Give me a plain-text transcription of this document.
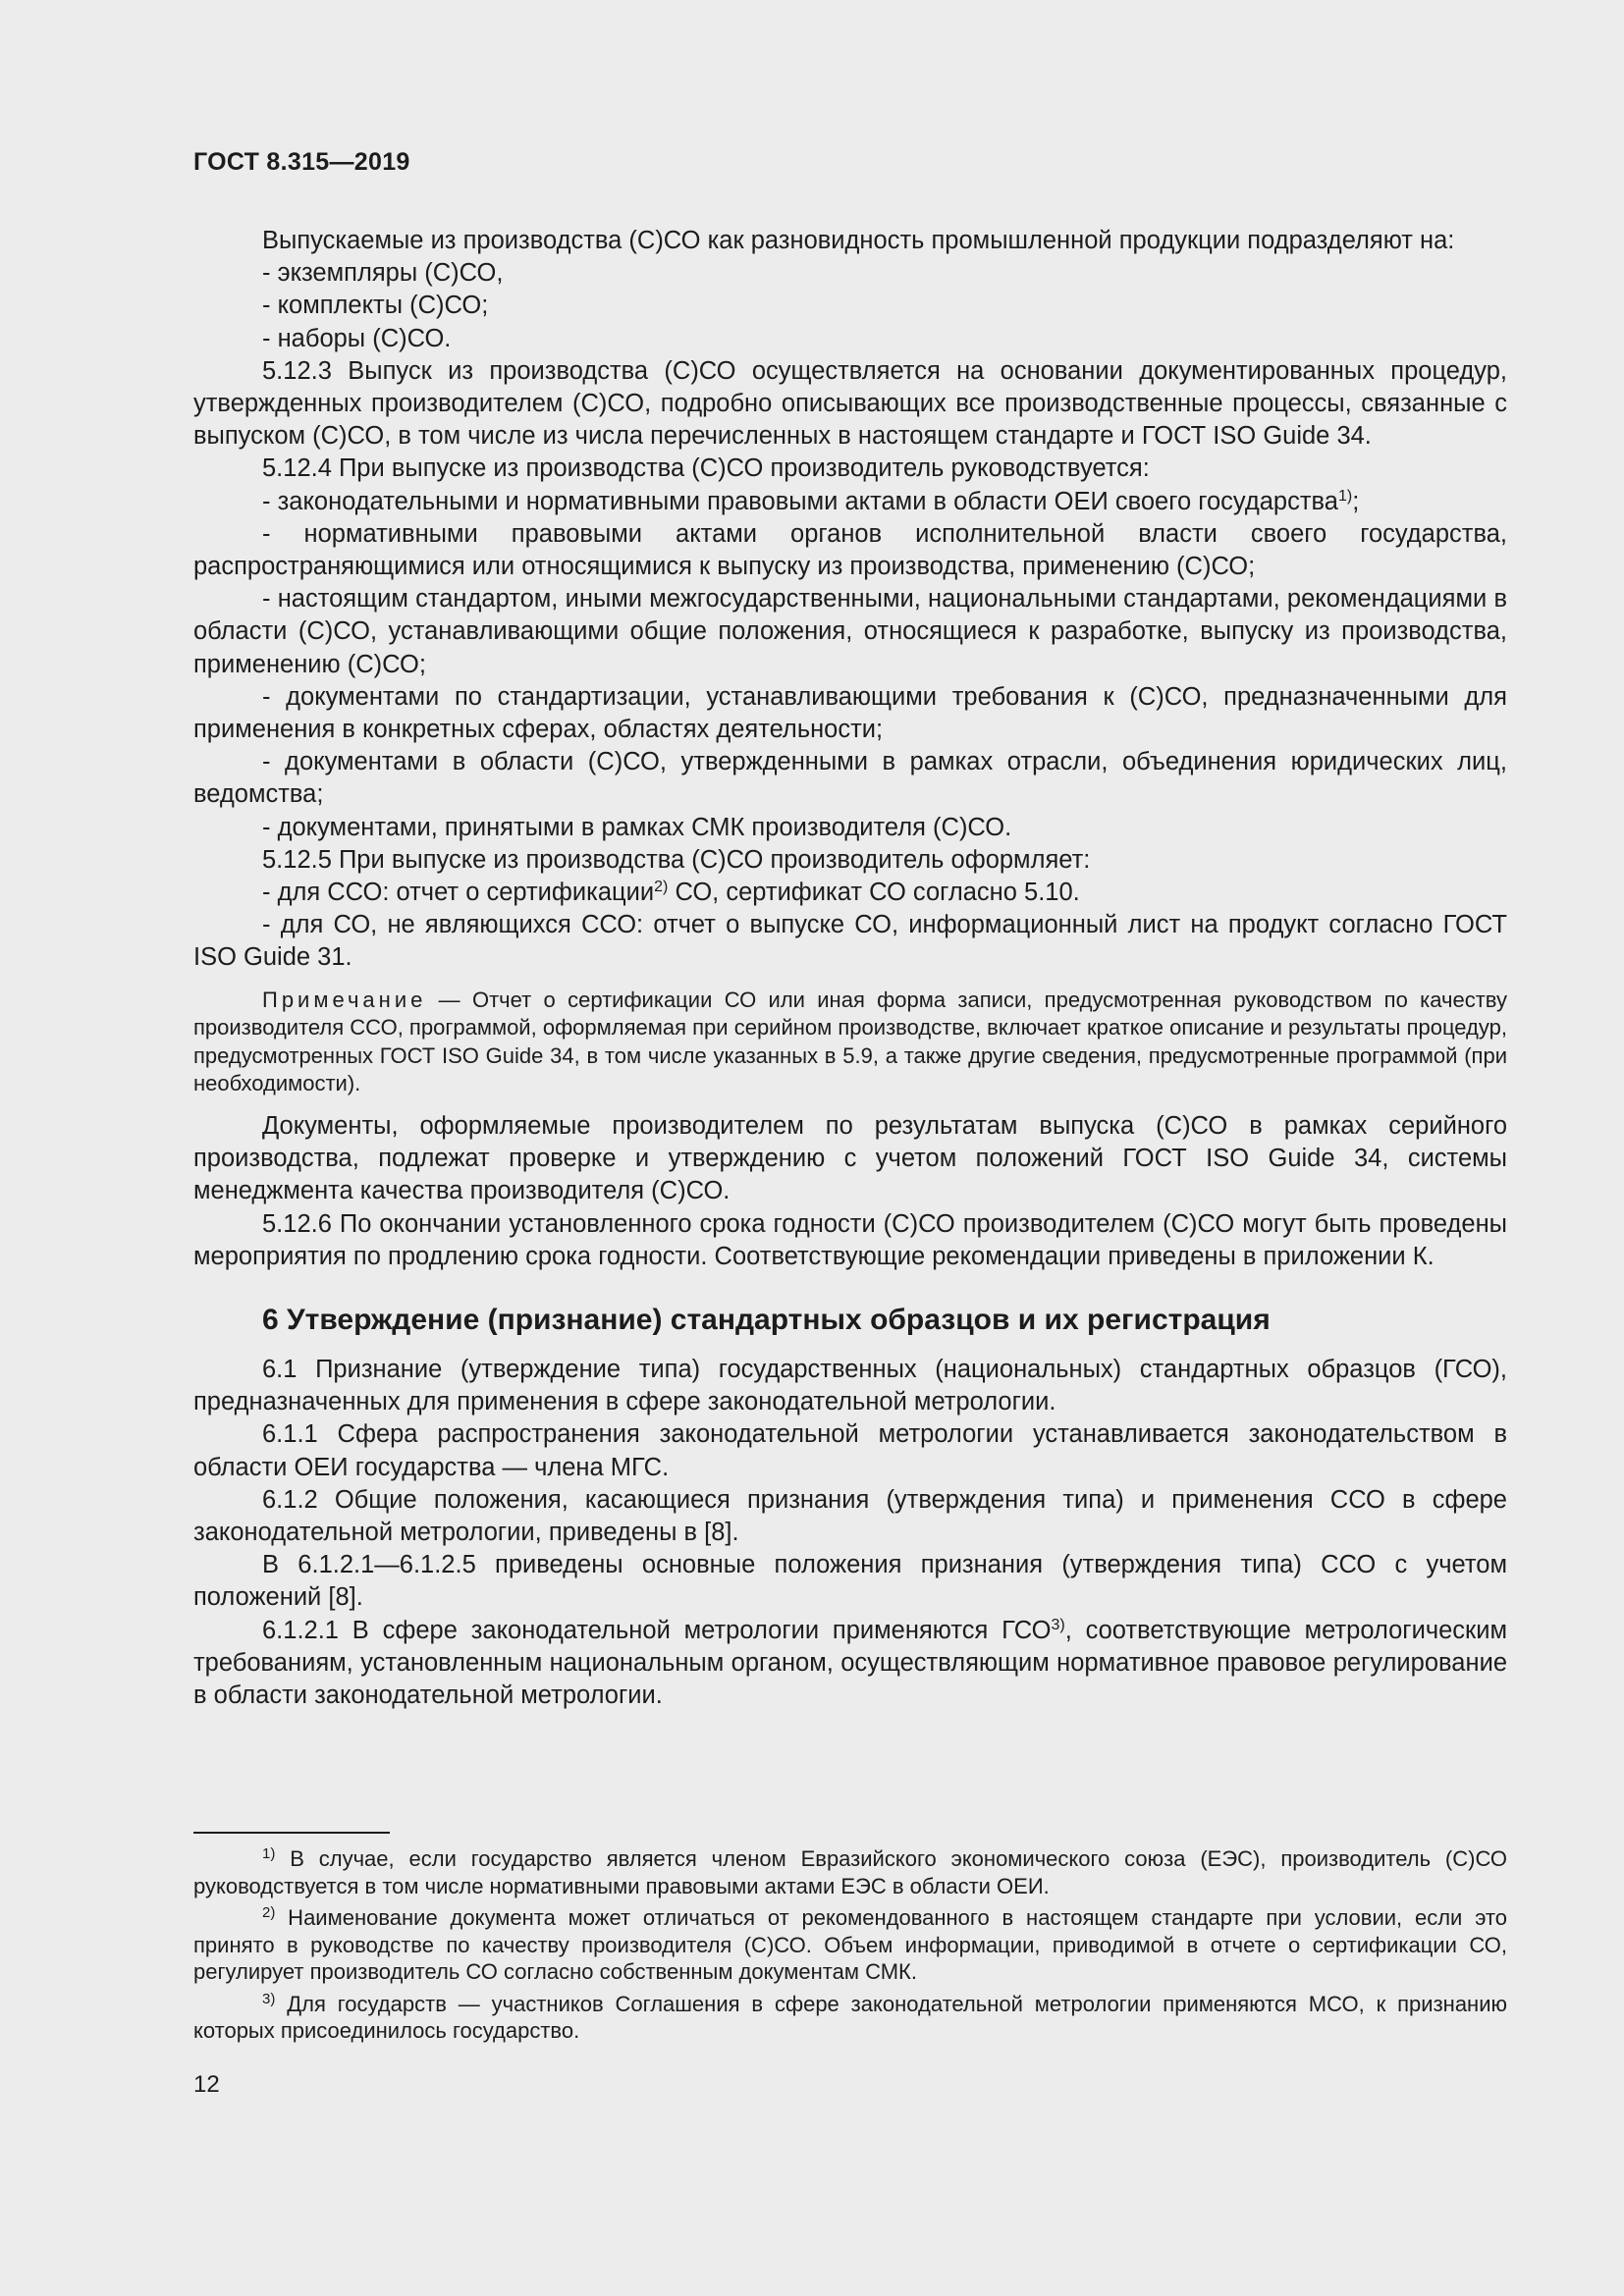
ГОСТ 8.315—2019

Выпускаемые из производства (С)СО как разновидность промышленной продукции подразделяют на:

- экземпляры (С)СО,

- комплекты (С)СО;

- наборы (С)СО.

5.12.3 Выпуск из производства (С)СО осуществляется на основании документированных процедур, утвержденных производителем (С)СО, подробно описывающих все производственные процессы, связанные с выпуском (С)СО, в том числе из числа перечисленных в настоящем стандарте и ГОСТ ISO Guide 34.

5.12.4 При выпуске из производства (С)СО производитель руководствуется:

- законодательными и нормативными правовыми актами в области ОЕИ своего государства$^{1)}$;

- нормативными правовыми актами органов исполнительной власти своего государства, распространяющимися или относящимися к выпуску из производства, применению (С)СО;

- настоящим стандартом, иными межгосударственными, национальными стандартами, рекомендациями в области (С)СО, устанавливающими общие положения, относящиеся к разработке, выпуску из производства, применению (С)СО;

- документами по стандартизации, устанавливающими требования к (С)СО, предназначенными для применения в конкретных сферах, областях деятельности;

- документами в области (С)СО, утвержденными в рамках отрасли, объединения юридических лиц, ведомства;

- документами, принятыми в рамках СМК производителя (С)СО.

5.12.5 При выпуске из производства (С)СО производитель оформляет:

- для ССО: отчет о сертификации$^{2)}$ СО, сертификат СО согласно 5.10.

- для СО, не являющихся ССО: отчет о выпуске СО, информационный лист на продукт согласно ГОСТ ISO Guide 31.

Примечание — Отчет о сертификации СО или иная форма записи, предусмотренная руководством по качеству производителя ССО, программой, оформляемая при серийном производстве, включает краткое описание и результаты процедур, предусмотренных ГОСТ ISO Guide 34, в том числе указанных в 5.9, а также другие сведения, предусмотренные программой (при необходимости).

Документы, оформляемые производителем по результатам выпуска (С)СО в рамках серийного производства, подлежат проверке и утверждению с учетом положений ГОСТ ISO Guide 34, системы менеджмента качества производителя (С)СО.

5.12.6 По окончании установленного срока годности (С)СО производителем (С)СО могут быть проведены мероприятия по продлению срока годности. Соответствующие рекомендации приведены в приложении К.

6 Утверждение (признание) стандартных образцов и их регистрация

6.1 Признание (утверждение типа) государственных (национальных) стандартных образцов (ГСО), предназначенных для применения в сфере законодательной метрологии.

6.1.1 Сфера распространения законодательной метрологии устанавливается законодательством в области ОЕИ государства — члена МГС.

6.1.2 Общие положения, касающиеся признания (утверждения типа) и применения ССО в сфере законодательной метрологии, приведены в [8].

В 6.1.2.1—6.1.2.5 приведены основные положения признания (утверждения типа) ССО с учетом положений [8].

6.1.2.1 В сфере законодательной метрологии применяются ГСО$^{3)}$, соответствующие метрологическим требованиям, установленным национальным органом, осуществляющим нормативное правовое регулирование в области законодательной метрологии.

$^{1)}$ В случае, если государство является членом Евразийского экономического союза (ЕЭС), производитель (С)СО руководствуется в том числе нормативными правовыми актами ЕЭС в области ОЕИ.

$^{2)}$ Наименование документа может отличаться от рекомендованного в настоящем стандарте при условии, если это принято в руководстве по качеству производителя (С)СО. Объем информации, приводимой в отчете о сертификации СО, регулирует производитель СО согласно собственным документам СМК.

$^{3)}$ Для государств — участников Соглашения в сфере законодательной метрологии применяются МСО, к признанию которых присоединилось государство.

12
